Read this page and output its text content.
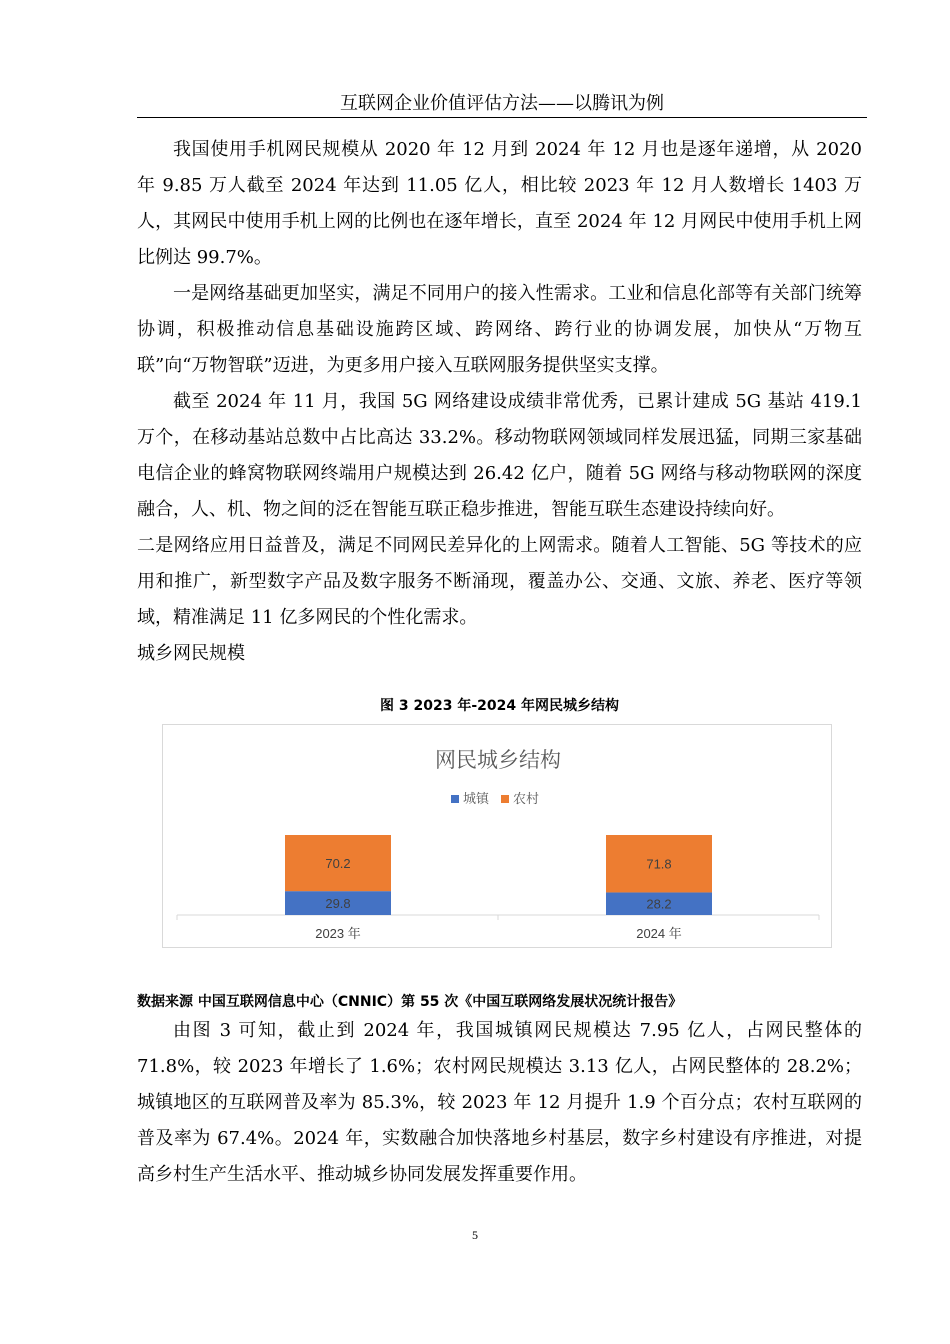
互联网企业价值评估方法——以腾讯为例

我国使用手机网民规模从 2020 年 12 月到 2024 年 12 月也是逐年递增，从 2020 年 9.85 万人截至 2024 年达到 11.05 亿人，相比较 2023 年 12 月人数增长 1403 万人，其网民中使用手机上网的比例也在逐年增长，直至 2024 年 12 月网民中使用手机上网比例达 99.7%。

一是网络基础更加坚实，满足不同用户的接入性需求。工业和信息化部等有关部门统筹协调，积极推动信息基础设施跨区域、跨网络、跨行业的协调发展，加快从“万物互联”向“万物智联”迈进，为更多用户接入互联网服务提供坚实支撑。

截至 2024 年 11 月，我国 5G 网络建设成绩非常优秀，已累计建成 5G 基站 419.1 万个，在移动基站总数中占比高达 33.2%。移动物联网领域同样发展迅猛，同期三家基础电信企业的蜂窝物联网终端用户规模达到 26.42 亿户，随着 5G 网络与移动物联网的深度融合，人、机、物之间的泛在智能互联正稳步推进，智能互联生态建设持续向好。

二是网络应用日益普及，满足不同网民差异化的上网需求。随着人工智能、5G 等技术的应用和推广，新型数字产品及数字服务不断涌现，覆盖办公、交通、文旅、养老、医疗等领域，精准满足 11 亿多网民的个性化需求。

城乡网民规模

图 3 2023 年-2024 年网民城乡结构
网民城乡结构
城镇 农村
29.8
70.2
2023 年
28.2
71.8
2024 年
数据来源 中国互联网信息中心（CNNIC）第 55 次《中国互联网络发展状况统计报告》

由图 3 可知，截止到 2024 年，我国城镇网民规模达 7.95 亿人，占网民整体的 71.8%，较 2023 年增长了 1.6%；农村网民规模达 3.13 亿人，占网民整体的 28.2%；城镇地区的互联网普及率为 85.3%，较 2023 年 12 月提升 1.9 个百分点；农村互联网的普及率为 67.4%。2024 年，实数融合加快落地乡村基层，数字乡村建设有序推进，对提高乡村生产生活水平、推动城乡协同发展发挥重要作用。

5
